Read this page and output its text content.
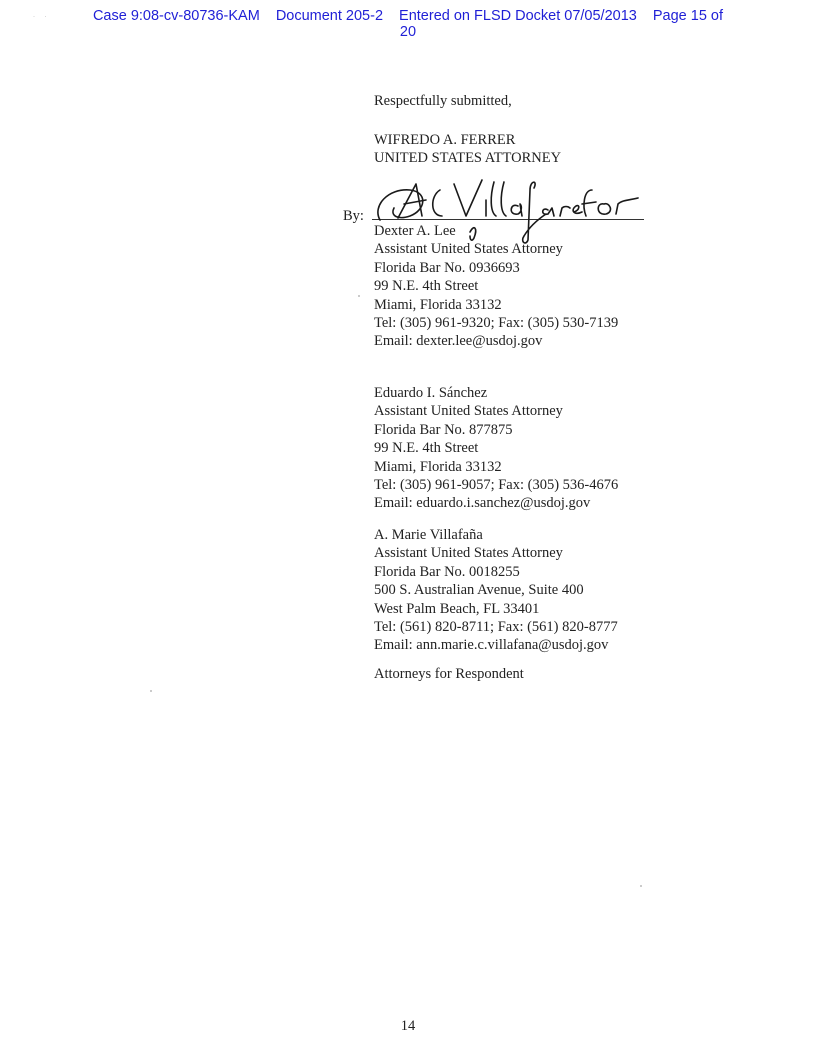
· ·	Case 9:08-cv-80736-KAM Document 205-2 Entered on FLSD Docket 07/05/2013 Page 15 of
20

Respectfully submitted,

WIFREDO A. FERRER

UNITED STATES ATTORNEY

By:

Dexter A. Lee

Assistant United States Attorney

Florida Bar No. 0936693

99 N.E. 4th Street

Miami, Florida 33132

Tel: (305) 961-9320; Fax: (305) 530-7139

Email: dexter.lee@usdoj.gov

Eduardo I. Sánchez

Assistant United States Attorney

Florida Bar No. 877875

99 N.E. 4th Street

Miami, Florida 33132

Tel: (305) 961-9057; Fax: (305) 536-4676

Email: eduardo.i.sanchez@usdoj.gov

A. Marie Villafaña

Assistant United States Attorney

Florida Bar No. 0018255

500 S. Australian Avenue, Suite 400

West Palm Beach, FL 33401

Tel: (561) 820-8711; Fax: (561) 820-8777

Email: ann.marie.c.villafana@usdoj.gov

Attorneys for Respondent

14
